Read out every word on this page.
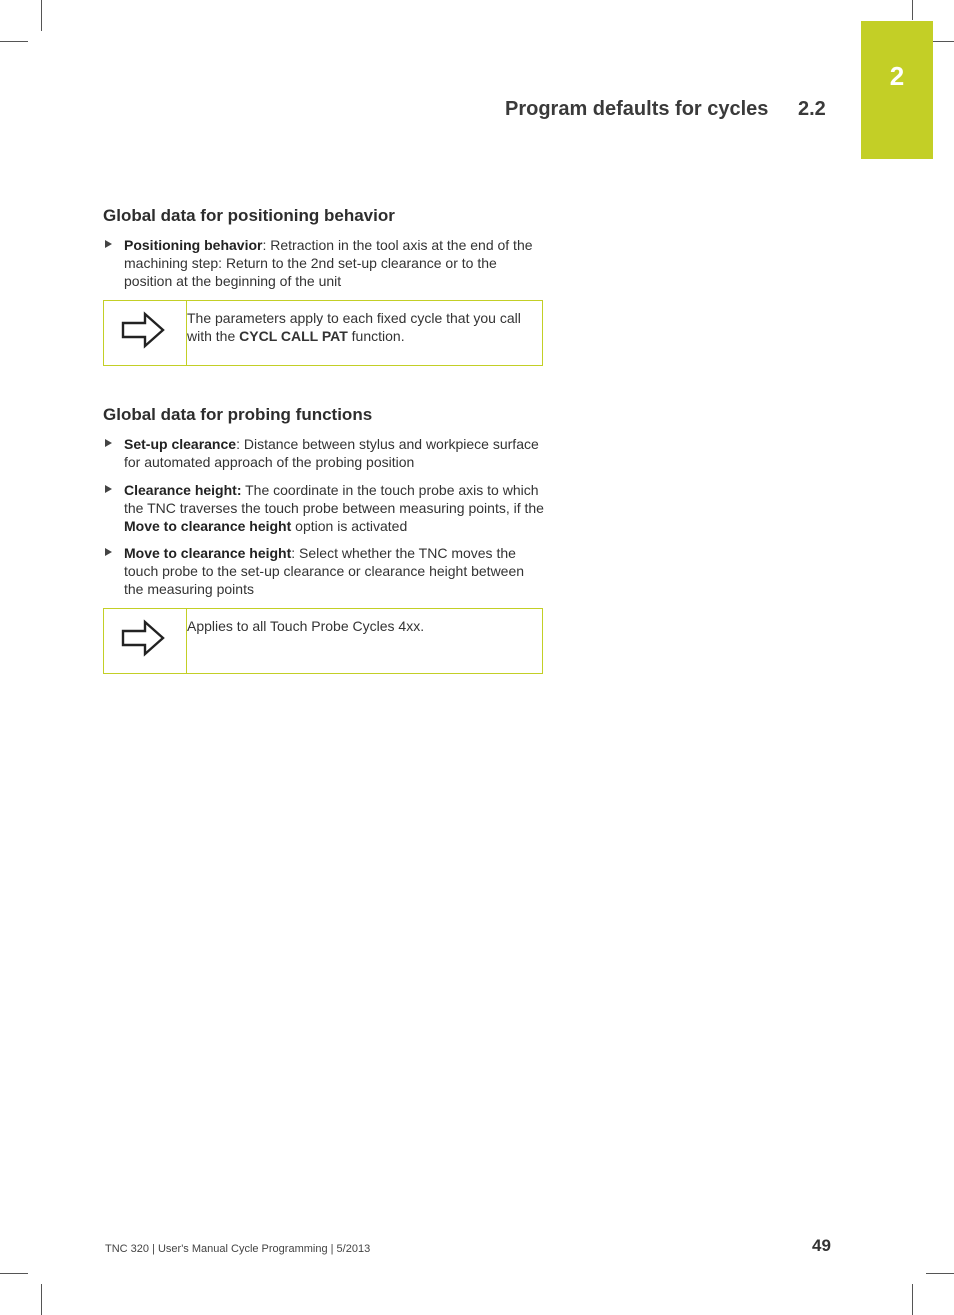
2
Program defaults for cycles 2.2
Global data for positioning behavior
Positioning behavior: Retraction in the tool axis at the end of the machining step: Return to the 2nd set-up clearance or to the position at the beginning of the unit
The parameters apply to each fixed cycle that you call with the CYCL CALL PAT function.
Global data for probing functions
Set-up clearance: Distance between stylus and workpiece surface for automated approach of the probing position
Clearance height: The coordinate in the touch probe axis to which the TNC traverses the touch probe between measuring points, if the Move to clearance height option is activated
Move to clearance height: Select whether the TNC moves the touch probe to the set-up clearance or clearance height between the measuring points
Applies to all Touch Probe Cycles 4xx.
TNC 320 | User's Manual Cycle Programming | 5/2013	49
